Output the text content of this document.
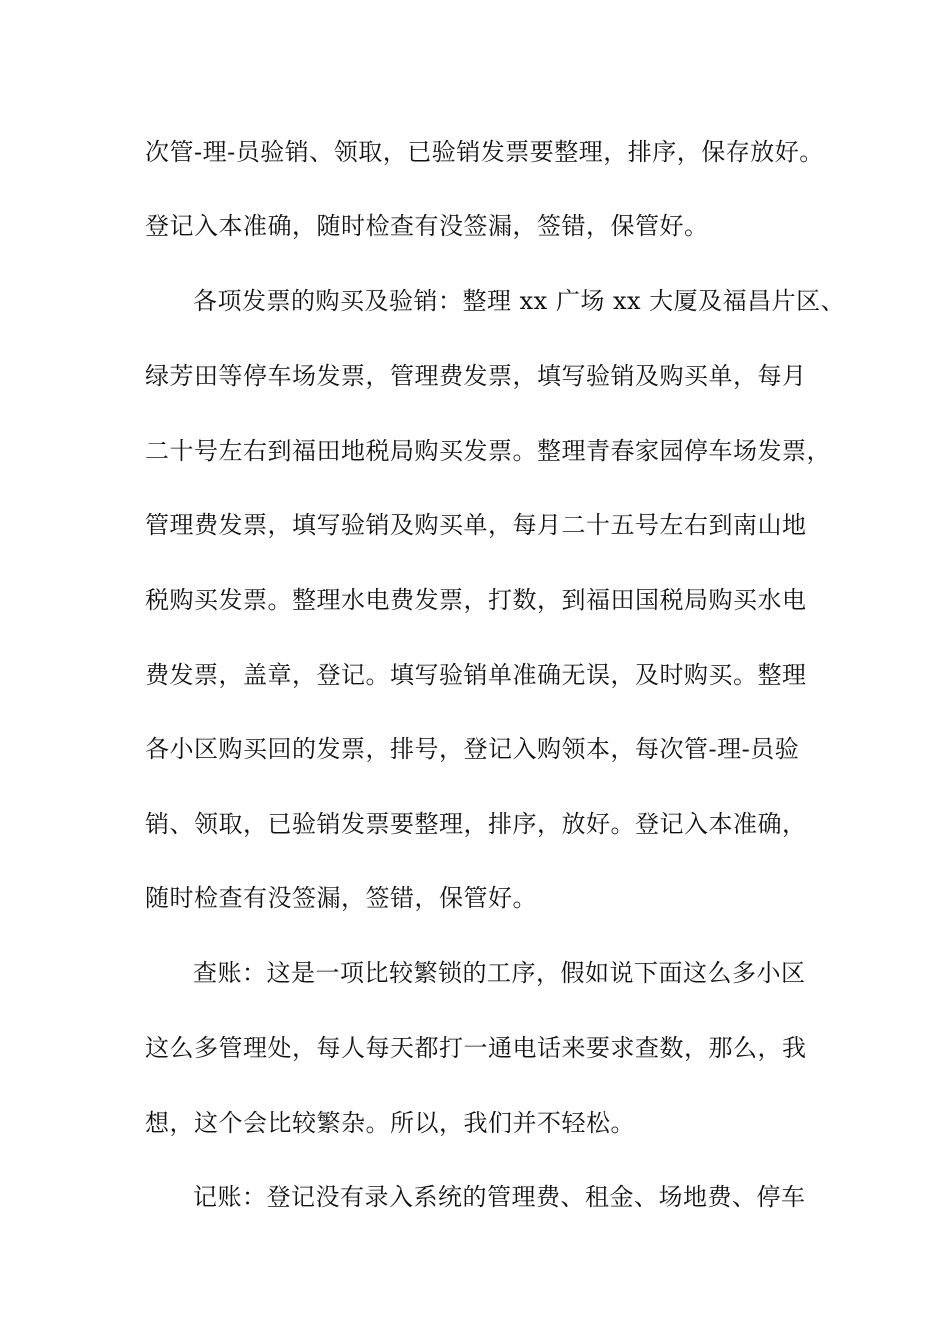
次管-理-员验销、领取，已验销发票要整理，排序，保存放好。
登记入本准确，随时检查有没签漏，签错，保管好。
各项发票的购买及验销：整理 xx 广场 xx 大厦及福昌片区、
绿芳田等停车场发票，管理费发票，填写验销及购买单，每月
二十号左右到福田地税局购买发票。整理青春家园停车场发票，
管理费发票，填写验销及购买单，每月二十五号左右到南山地
税购买发票。整理水电费发票，打数，到福田国税局购买水电
费发票，盖章，登记。填写验销单准确无误，及时购买。整理
各小区购买回的发票，排号，登记入购领本，每次管-理-员验
销、领取，已验销发票要整理，排序，放好。登记入本准确，
随时检查有没签漏，签错，保管好。
查账：这是一项比较繁锁的工序，假如说下面这么多小区
这么多管理处，每人每天都打一通电话来要求查数，那么，我
想，这个会比较繁杂。所以，我们并不轻松。
记账：登记没有录入系统的管理费、租金、场地费、停车
